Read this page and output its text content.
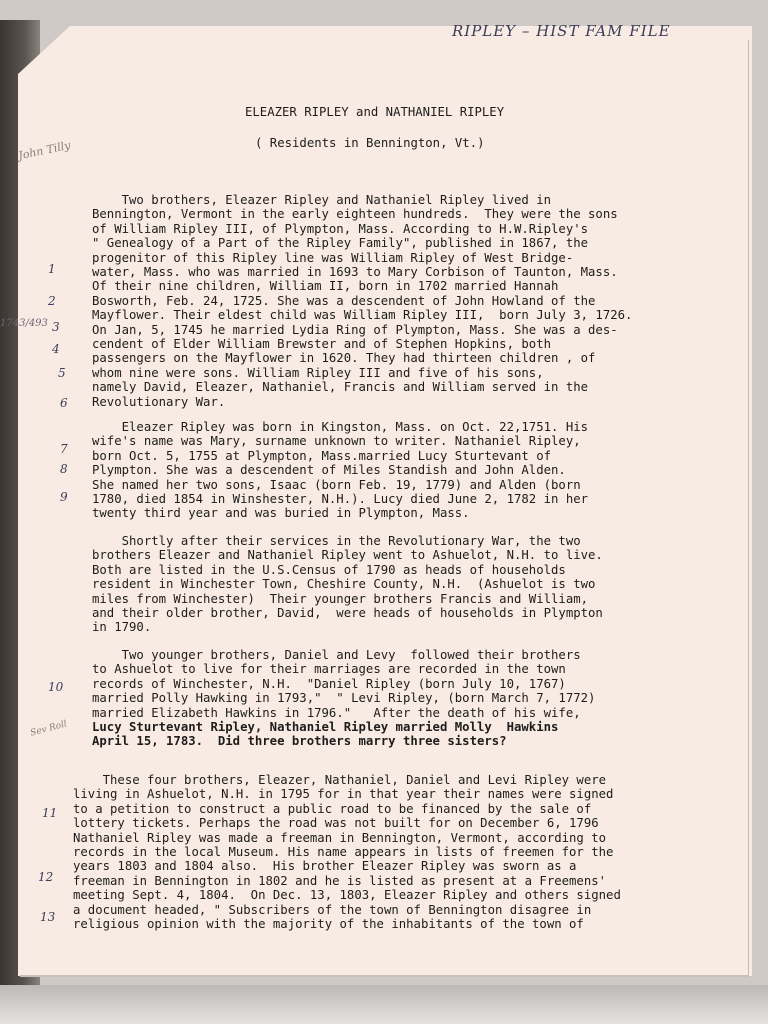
RIPLEY – HIST FAM FILE
John Tilly
1743/493
Sev Roll
1
2
3
4
5
6
7
8
9
10
11
12
13
ELEAZER RIPLEY and NATHANIEL RIPLEY
( Residents in Bennington, Vt.)
Two brothers, Eleazer Ripley and Nathaniel Ripley lived in
Bennington, Vermont in the early eighteen hundreds.  They were the sons
of William Ripley III, of Plympton, Mass. According to H.W.Ripley's
" Genealogy of a Part of the Ripley Family", published in 1867, the
progenitor of this Ripley line was William Ripley of West Bridge-
water, Mass. who was married in 1693 to Mary Corbison of Taunton, Mass.
Of their nine children, William II, born in 1702 married Hannah
Bosworth, Feb. 24, 1725. She was a descendent of John Howland of the
Mayflower. Their eldest child was William Ripley III,  born July 3, 1726.
On Jan, 5, 1745 he married Lydia Ring of Plympton, Mass. She was a des-
cendent of Elder William Brewster and of Stephen Hopkins, both
passengers on the Mayflower in 1620. They had thirteen children , of
whom nine were sons. William Ripley III and five of his sons,
namely David, Eleazer, Nathaniel, Francis and William served in the
Revolutionary War.
Eleazer Ripley was born in Kingston, Mass. on Oct. 22,1751. His
wife's name was Mary, surname unknown to writer. Nathaniel Ripley,
born Oct. 5, 1755 at Plympton, Mass.married Lucy Sturtevant of
Plympton. She was a descendent of Miles Standish and John Alden.
She named her two sons, Isaac (born Feb. 19, 1779) and Alden (born
1780, died 1854 in Winshester, N.H.). Lucy died June 2, 1782 in her
twenty third year and was buried in Plympton, Mass.
Shortly after their services in the Revolutionary War, the two
brothers Eleazer and Nathaniel Ripley went to Ashuelot, N.H. to live.
Both are listed in the U.S.Census of 1790 as heads of households
resident in Winchester Town, Cheshire County, N.H.  (Ashuelot is two
miles from Winchester)  Their younger brothers Francis and William,
and their older brother, David,  were heads of households in Plympton
in 1790.
Two younger brothers, Daniel and Levy  followed their brothers
to Ashuelot to live for their marriages are recorded in the town
records of Winchester, N.H.  "Daniel Ripley (born July 10, 1767)
married Polly Hawking in 1793,"  " Levi Ripley, (born March 7, 1772)
married Elizabeth Hawkins in 1796."   After the death of his wife,
Lucy Sturtevant Ripley, Nathaniel Ripley married Molly  Hawkins
April 15, 1783.  Did three brothers marry three sisters?
These four brothers, Eleazer, Nathaniel, Daniel and Levi Ripley were
living in Ashuelot, N.H. in 1795 for in that year their names were signed
to a petition to construct a public road to be financed by the sale of
lottery tickets. Perhaps the road was not built for on December 6, 1796
Nathaniel Ripley was made a freeman in Bennington, Vermont, according to
records in the local Museum. His name appears in lists of freemen for the
years 1803 and 1804 also.  His brother Eleazer Ripley was sworn as a
freeman in Bennington in 1802 and he is listed as present at a Freemens'
meeting Sept. 4, 1804.  On Dec. 13, 1803, Eleazer Ripley and others signed
a document headed, " Subscribers of the town of Bennington disagree in
religious opinion with the majority of the inhabitants of the town of
